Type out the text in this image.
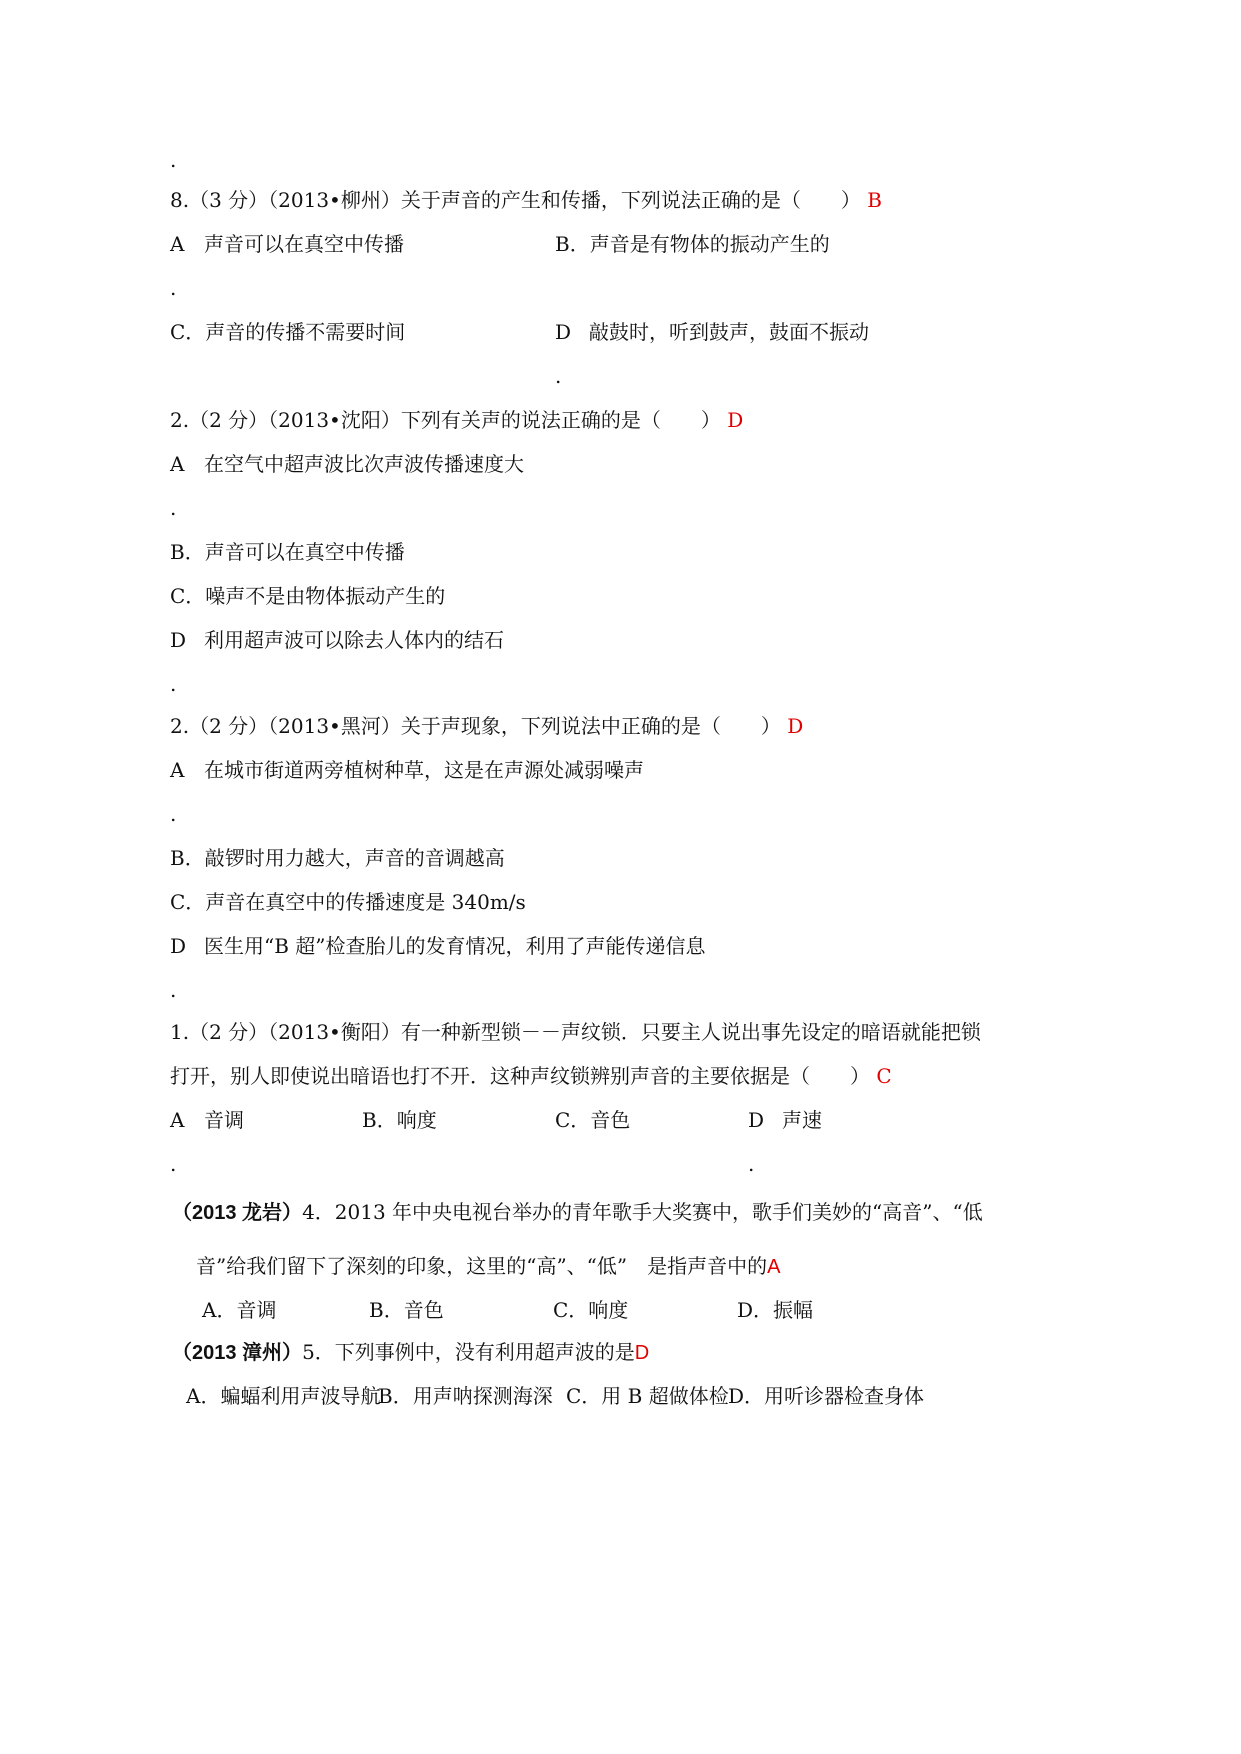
.
8.（3 分）（2013•柳州）关于声音的产生和传播，下列说法正确的是（　　） B
A 声音可以在真空中传播	B．声音是有物体的振动产生的
.
C．声音的传播不需要时间	D 敲鼓时，听到鼓声，鼓面不振动
.
2.（2 分）（2013•沈阳）下列有关声的说法正确的是（　　） D
A 在空气中超声波比次声波传播速度大
.
B．声音可以在真空中传播
C．噪声不是由物体振动产生的
D 利用超声波可以除去人体内的结石
.
2.（2 分）（2013•黑河）关于声现象，下列说法中正确的是（　　） D
A 在城市街道两旁植树种草，这是在声源处减弱噪声
.
B．敲锣时用力越大，声音的音调越高
C．声音在真空中的传播速度是 340m/s
D 医生用“B 超”检查胎儿的发育情况，利用了声能传递信息
.
1.（2 分）（2013•衡阳）有一种新型锁－－声纹锁．只要主人说出事先设定的暗语就能把锁
打开，别人即使说出暗语也打不开．这种声纹锁辨别声音的主要依据是（　　） C
A 音调	B．响度	C．音色	D 声速
.	.
（2013 龙岩）4．2013 年中央电视台举办的青年歌手大奖赛中，歌手们美妙的“高音”、“低
音”给我们留下了深刻的印象，这里的“高”、“低”　是指声音中的A
A．音调	B．音色	C．响度	D．振幅
（2013 漳州）5．下列事例中，没有利用超声波的是D
A．蝙蝠利用声波导航
B．用声呐探测海深 C．用 B 超做体检 D．用听诊器检查身体
